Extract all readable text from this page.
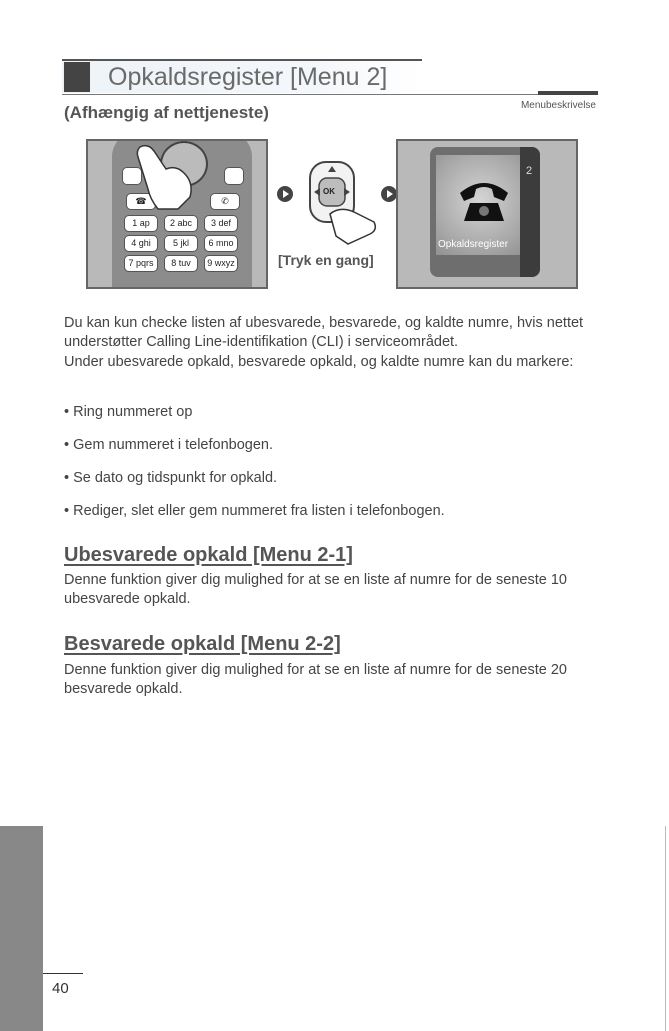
Opkaldsregister [Menu 2]
(Afhængig af nettjeneste)	Menubeskrivelse
☎	✆
1 ap	2 abc	3 def
4 ghi	5 jkl	6 mno
7 pqrs	8 tuv	9 wxyz
OK
[Tryk en gang]
Opkaldsregister
2
Du kan kun checke listen af ubesvarede, besvarede, og kaldte numre, hvis nettet understøtter Calling Line-identifikation (CLI) i serviceområdet.
Under ubesvarede opkald, besvarede opkald, og kaldte numre kan du markere:
• Ring nummeret op
• Gem nummeret i telefonbogen.
• Se dato og tidspunkt for opkald.
• Rediger, slet eller gem nummeret fra listen i telefonbogen.
Ubesvarede opkald [Menu 2-1]
Denne funktion giver dig mulighed for at se en liste af numre for de seneste 10 ubesvarede opkald.
Besvarede opkald [Menu 2-2]
Denne funktion giver dig mulighed for at se en liste af numre for de seneste 20 besvarede opkald.
40
